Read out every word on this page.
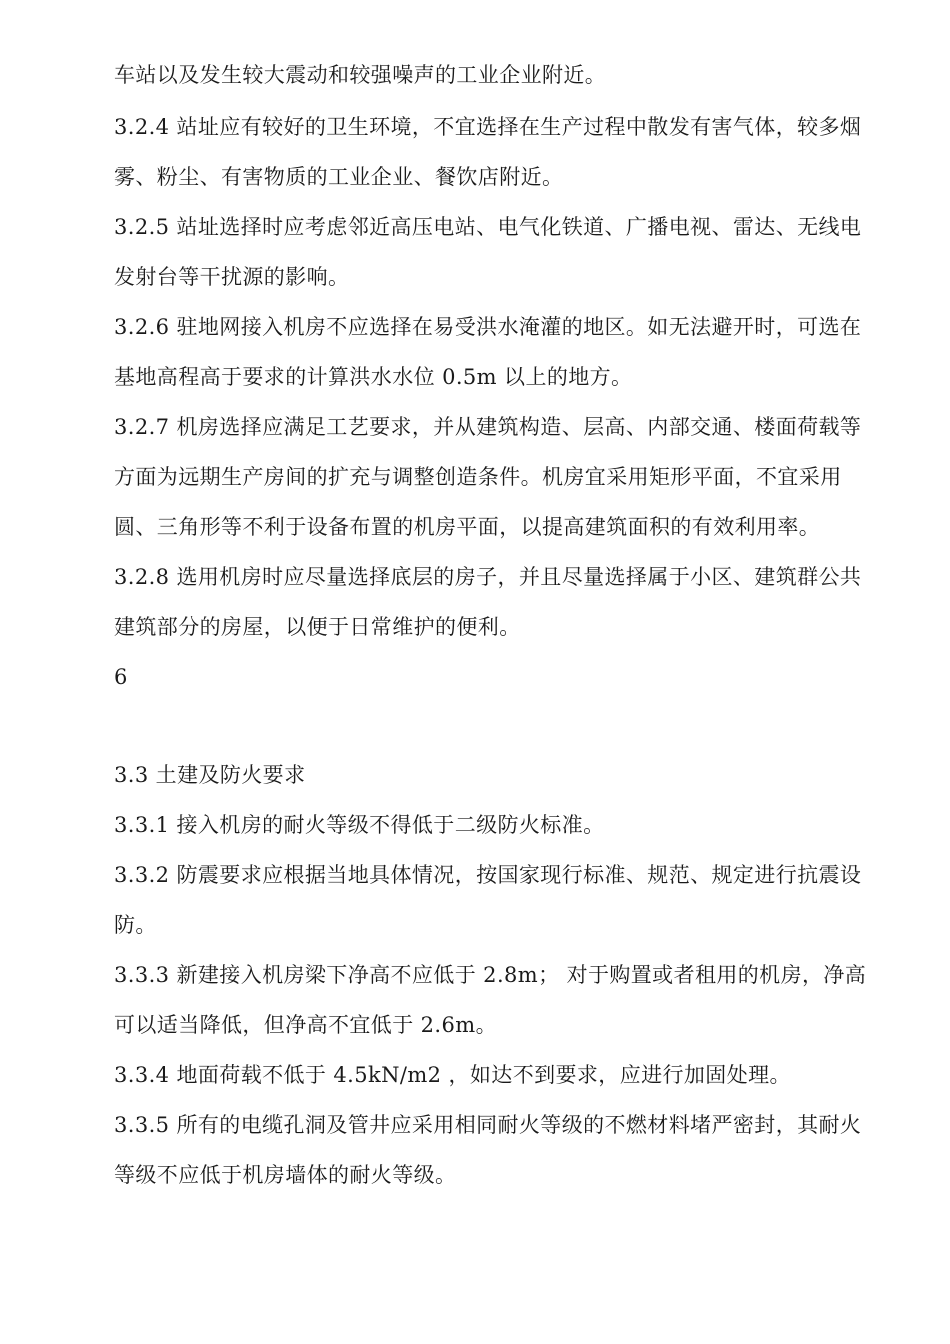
车站以及发生较大震动和较强噪声的工业企业附近。
3.2.4 站址应有较好的卫生环境，不宜选择在生产过程中散发有害气体，较多烟
雾、粉尘、有害物质的工业企业、餐饮店附近。
3.2.5 站址选择时应考虑邻近高压电站、电气化铁道、广播电视、雷达、无线电
发射台等干扰源的影响。
3.2.6 驻地网接入机房不应选择在易受洪水淹灌的地区。如无法避开时，可选在
基地高程高于要求的计算洪水水位 0.5m 以上的地方。
3.2.7 机房选择应满足工艺要求，并从建筑构造、层高、内部交通、楼面荷载等
方面为远期生产房间的扩充与调整创造条件。机房宜采用矩形平面，不宜采用
圆、三角形等不利于设备布置的机房平面，以提高建筑面积的有效利用率。
3.2.8 选用机房时应尽量选择底层的房子，并且尽量选择属于小区、建筑群公共
建筑部分的房屋，以便于日常维护的便利。
6
3.3 土建及防火要求
3.3.1 接入机房的耐火等级不得低于二级防火标准。
3.3.2 防震要求应根据当地具体情况，按国家现行标准、规范、规定进行抗震设
防。
3.3.3 新建接入机房梁下净高不应低于 2.8m； 对于购置或者租用的机房，净高
可以适当降低，但净高不宜低于 2.6m。
3.3.4 地面荷载不低于 4.5kN/m2 ，如达不到要求，应进行加固处理。
3.3.5 所有的电缆孔洞及管井应采用相同耐火等级的不燃材料堵严密封，其耐火
等级不应低于机房墙体的耐火等级。
